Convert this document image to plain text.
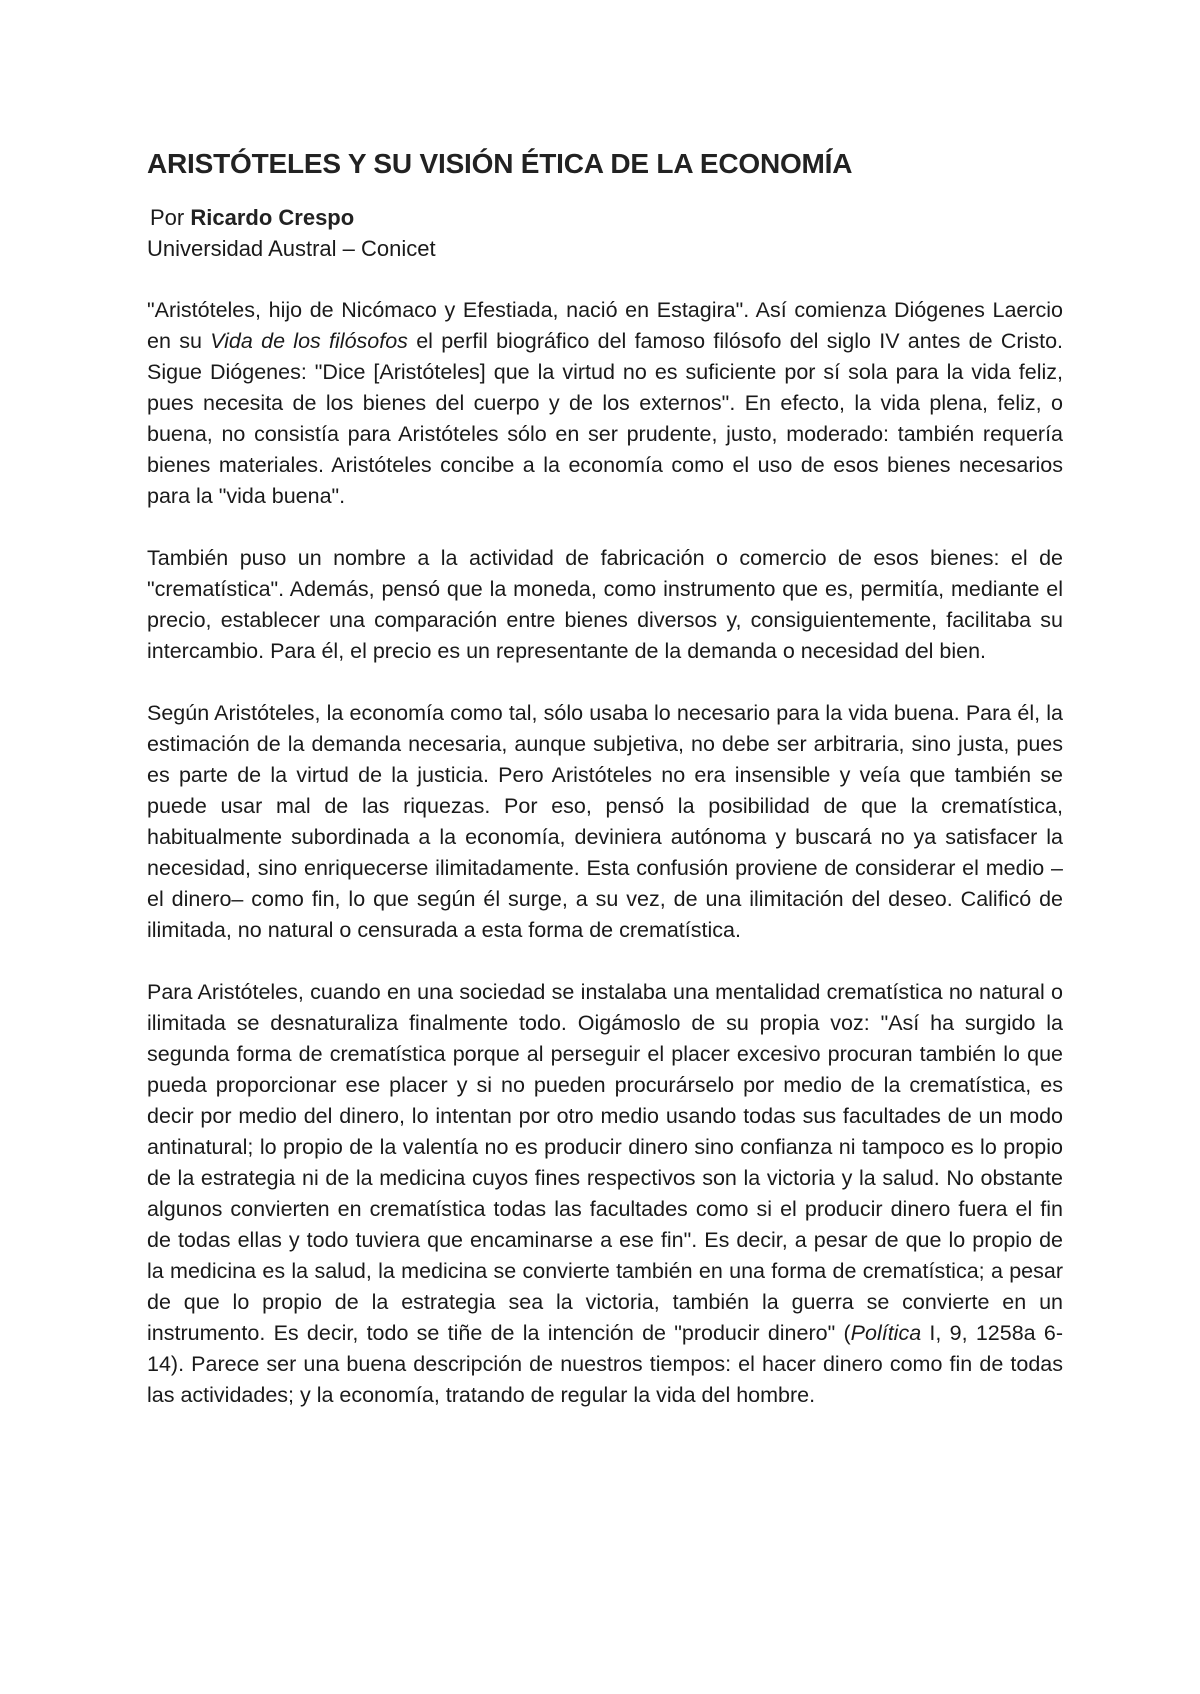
ARISTÓTELES Y SU VISIÓN ÉTICA DE LA ECONOMÍA

Por Ricardo Crespo

Universidad Austral – Conicet

"Aristóteles, hijo de Nicómaco y Efestiada, nació en Estagira". Así comienza Diógenes Laercio en su Vida de los filósofos el perfil biográfico del famoso filósofo del siglo IV antes de Cristo. Sigue Diógenes: "Dice [Aristóteles] que la virtud no es suficiente por sí sola para la vida feliz, pues necesita de los bienes del cuerpo y de los externos". En efecto, la vida plena, feliz, o buena, no consistía para Aristóteles sólo en ser prudente, justo, moderado: también requería bienes materiales. Aristóteles concibe a la economía como el uso de esos bienes necesarios para la "vida buena".

También puso un nombre a la actividad de fabricación o comercio de esos bienes: el de "crematística". Además, pensó que la moneda, como instrumento que es, permitía, mediante el precio, establecer una comparación entre bienes diversos y, consiguientemente, facilitaba su intercambio. Para él, el precio es un representante de la demanda o necesidad del bien.

Según Aristóteles, la economía como tal, sólo usaba lo necesario para la vida buena. Para él, la estimación de la demanda necesaria, aunque subjetiva, no debe ser arbitraria, sino justa, pues es parte de la virtud de la justicia. Pero Aristóteles no era insensible y veía que también se puede usar mal de las riquezas. Por eso, pensó la posibilidad de que la crematística, habitualmente subordinada a la economía, deviniera autónoma y buscará no ya satisfacer la necesidad, sino enriquecerse ilimitadamente. Esta confusión proviene de considerar el medio –el dinero– como fin, lo que según él surge, a su vez, de una ilimitación del deseo. Calificó de ilimitada, no natural o censurada a esta forma de crematística.

Para Aristóteles, cuando en una sociedad se instalaba una mentalidad crematística no natural o ilimitada se desnaturaliza finalmente todo. Oigámoslo de su propia voz: "Así ha surgido la segunda forma de crematística porque al perseguir el placer excesivo procuran también lo que pueda proporcionar ese placer y si no pueden procurárselo por medio de la crematística, es decir por medio del dinero, lo intentan por otro medio usando todas sus facultades de un modo antinatural; lo propio de la valentía no es producir dinero sino confianza ni tampoco es lo propio de la estrategia ni de la medicina cuyos fines respectivos son la victoria y la salud. No obstante algunos convierten en crematística todas las facultades como si el producir dinero fuera el fin de todas ellas y todo tuviera que encaminarse a ese fin". Es decir, a pesar de que lo propio de la medicina es la salud, la medicina se convierte también en una forma de crematística; a pesar de que lo propio de la estrategia sea la victoria, también la guerra se convierte en un instrumento. Es decir, todo se tiñe de la intención de "producir dinero" (Política I, 9, 1258a 6-14). Parece ser una buena descripción de nuestros tiempos: el hacer dinero como fin de todas las actividades; y la economía, tratando de regular la vida del hombre.
